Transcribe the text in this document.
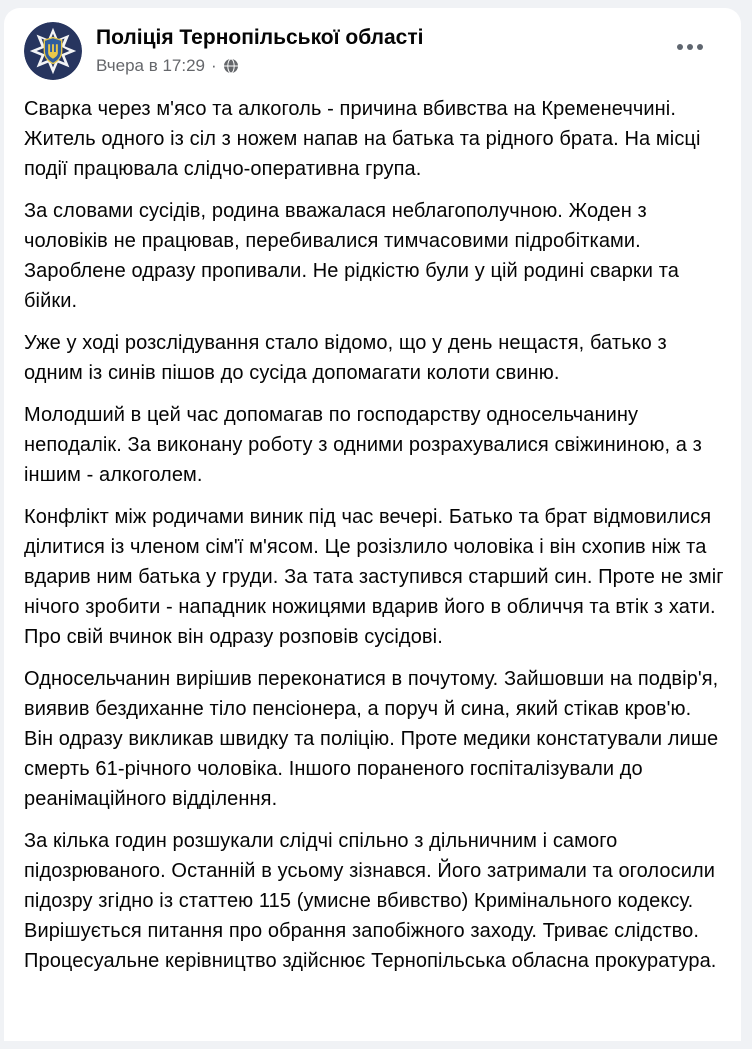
Поліція Тернопільської області
Вчера в 17:29 ·

Сварка через м'ясо та алкоголь - причина вбивства на Кременеччині. Житель одного із сіл з ножем напав на батька та рідного брата. На місці події працювала слідчо-оперативна група.

За словами сусідів, родина вважалася неблагополучною. Жоден з чоловіків не працював, перебивалися тимчасовими підробітками. Зароблене одразу пропивали. Не рідкістю були у цій родині сварки та бійки.

Уже у ході розслідування стало відомо, що у день нещастя, батько з одним із синів пішов до сусіда допомагати колоти свиню.

Молодший в цей час допомагав по господарству односельчанину неподалік. За виконану роботу з одними розрахувалися свіжининою, а з іншим - алкоголем.

Конфлікт між родичами виник під час вечері. Батько та брат відмовилися ділитися із членом сім'ї м'ясом. Це розізлило чоловіка і він схопив ніж та вдарив ним батька у груди. За тата заступився старший син. Проте не зміг нічого зробити - нападник ножицями вдарив його в обличчя та втік з хати. Про свій вчинок він одразу розповів сусідові.

Односельчанин вирішив переконатися в почутому. Зайшовши на подвір'я, виявив бездиханне тіло пенсіонера, а поруч й сина, який стікав кров'ю. Він одразу викликав швидку та поліцію. Проте медики констатували лише смерть 61-річного чоловіка. Іншого пораненого госпіталізували до реанімаційного відділення.

За кілька годин розшукали слідчі спільно з дільничним і самого підозрюваного. Останній в усьому зізнався. Його затримали та оголосили підозру згідно із статтею 115 (умисне вбивство) Кримінального кодексу. Вирішується питання про обрання запобіжного заходу. Триває слідство. Процесуальне керівництво здійснює Тернопільська обласна прокуратура.
